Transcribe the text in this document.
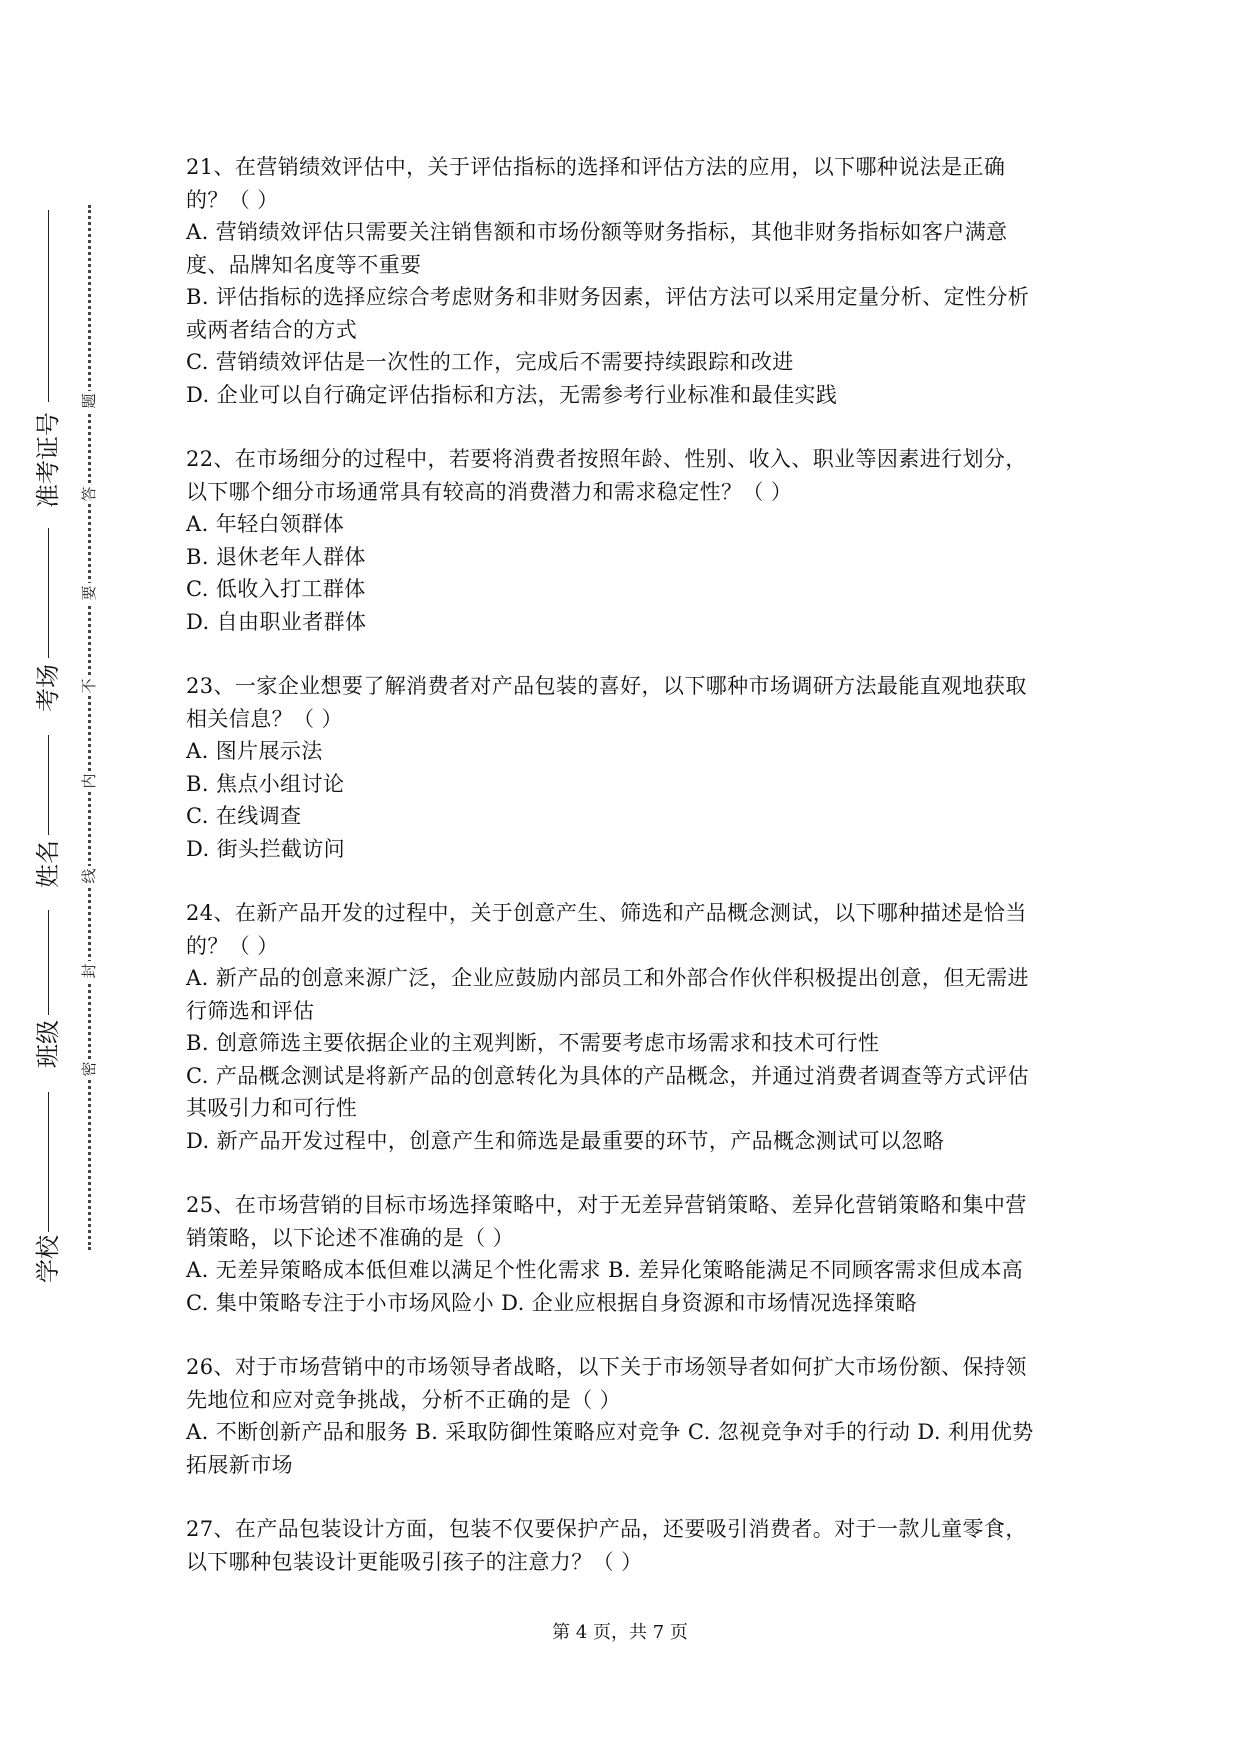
准考证号
考场
姓名
班级
学校
题
答
要
不
内
线
封
密

21、在营销绩效评估中，关于评估指标的选择和评估方法的应用，以下哪种说法是正确

的？（ ）

A. 营销绩效评估只需要关注销售额和市场份额等财务指标，其他非财务指标如客户满意

度、品牌知名度等不重要

B. 评估指标的选择应综合考虑财务和非财务因素，评估方法可以采用定量分析、定性分析

或两者结合的方式

C. 营销绩效评估是一次性的工作，完成后不需要持续跟踪和改进

D. 企业可以自行确定评估指标和方法，无需参考行业标准和最佳实践

22、在市场细分的过程中，若要将消费者按照年龄、性别、收入、职业等因素进行划分，

以下哪个细分市场通常具有较高的消费潜力和需求稳定性？（ ）

A. 年轻白领群体

B. 退休老年人群体

C. 低收入打工群体

D. 自由职业者群体

23、一家企业想要了解消费者对产品包装的喜好，以下哪种市场调研方法最能直观地获取

相关信息？（ ）

A. 图片展示法

B. 焦点小组讨论

C. 在线调查

D. 街头拦截访问

24、在新产品开发的过程中，关于创意产生、筛选和产品概念测试，以下哪种描述是恰当

的？（ ）

A. 新产品的创意来源广泛，企业应鼓励内部员工和外部合作伙伴积极提出创意，但无需进

行筛选和评估

B. 创意筛选主要依据企业的主观判断，不需要考虑市场需求和技术可行性

C. 产品概念测试是将新产品的创意转化为具体的产品概念，并通过消费者调查等方式评估

其吸引力和可行性

D. 新产品开发过程中，创意产生和筛选是最重要的环节，产品概念测试可以忽略

25、在市场营销的目标市场选择策略中，对于无差异营销策略、差异化营销策略和集中营

销策略，以下论述不准确的是（ ）

A. 无差异策略成本低但难以满足个性化需求 B. 差异化策略能满足不同顾客需求但成本高

C. 集中策略专注于小市场风险小 D. 企业应根据自身资源和市场情况选择策略

26、对于市场营销中的市场领导者战略，以下关于市场领导者如何扩大市场份额、保持领

先地位和应对竞争挑战，分析不正确的是（ ）

A. 不断创新产品和服务 B. 采取防御性策略应对竞争 C. 忽视竞争对手的行动 D. 利用优势

拓展新市场

27、在产品包装设计方面，包装不仅要保护产品，还要吸引消费者。对于一款儿童零食，

以下哪种包装设计更能吸引孩子的注意力？（ ）

第 4 页，共 7 页
